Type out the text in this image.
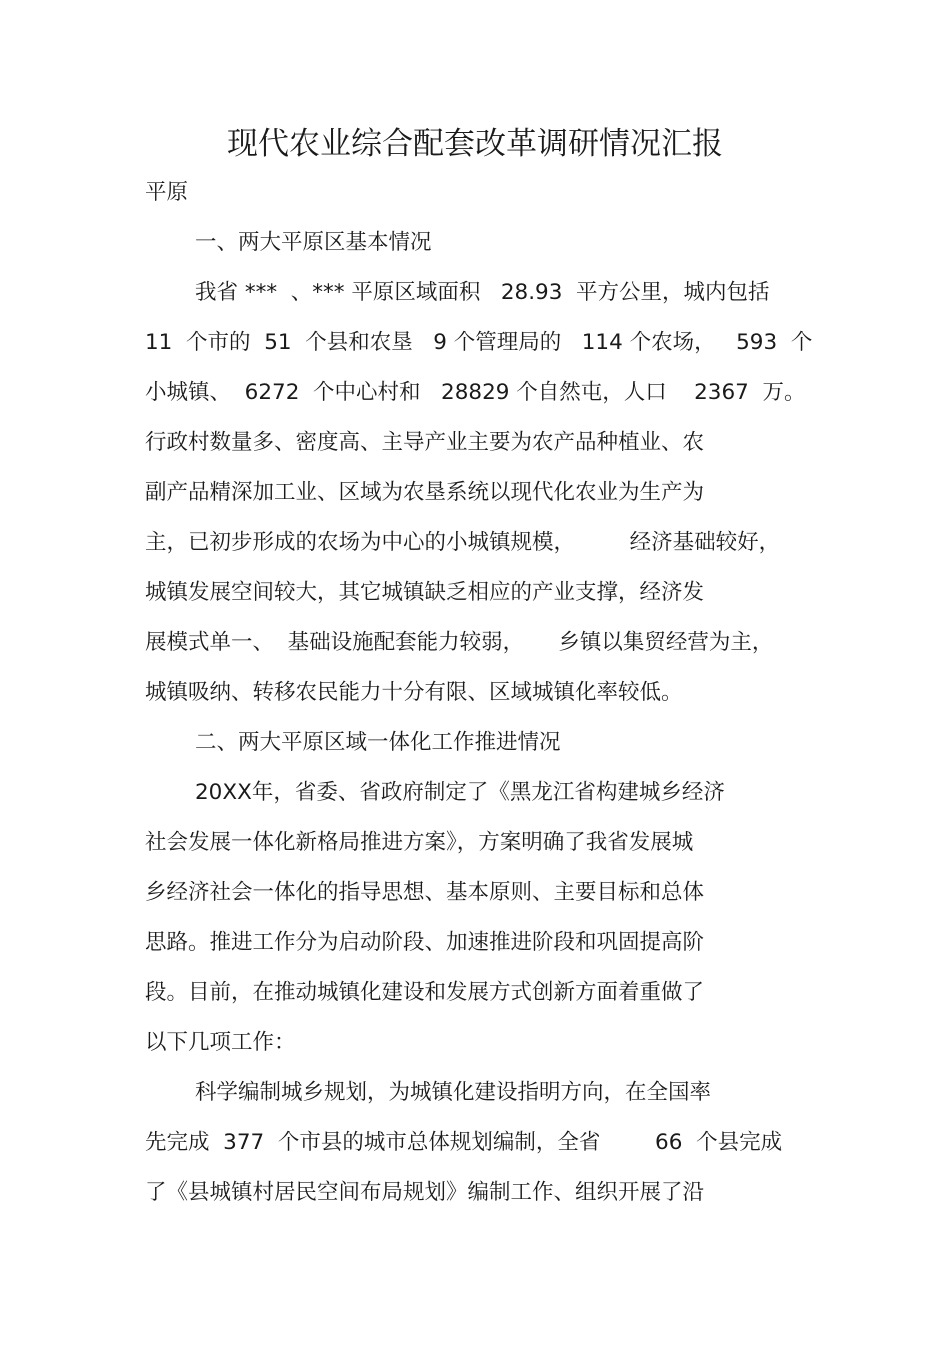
现代农业综合配套改革调研情况汇报
平原
一、两大平原区基本情况
我省 ***  、*** 平原区域面积   28.93  平方公里，城内包括
11  个市的  51  个县和农垦   9 个管理局的   114 个农场，   593  个
小城镇、  6272  个中心村和   28829 个自然屯，人口    2367  万。
行政村数量多、密度高、主导产业主要为农产品种植业、农
副产品精深加工业、区域为农垦系统以现代化农业为生产为
主，已初步形成的农场为中心的小城镇规模，        经济基础较好，
城镇发展空间较大，其它城镇缺乏相应的产业支撑，经济发
展模式单一、  基础设施配套能力较弱，     乡镇以集贸经营为主，
城镇吸纳、转移农民能力十分有限、区域城镇化率较低。
二、两大平原区域一体化工作推进情况
20XX年，省委、省政府制定了《黑龙江省构建城乡经济
社会发展一体化新格局推进方案》，方案明确了我省发展城
乡经济社会一体化的指导思想、基本原则、主要目标和总体
思路。推进工作分为启动阶段、加速推进阶段和巩固提高阶
段。目前，在推动城镇化建设和发展方式创新方面着重做了
以下几项工作：
科学编制城乡规划，为城镇化建设指明方向，在全国率
先完成  377  个市县的城市总体规划编制，全省        66  个县完成
了《县城镇村居民空间布局规划》编制工作、组织开展了沿
